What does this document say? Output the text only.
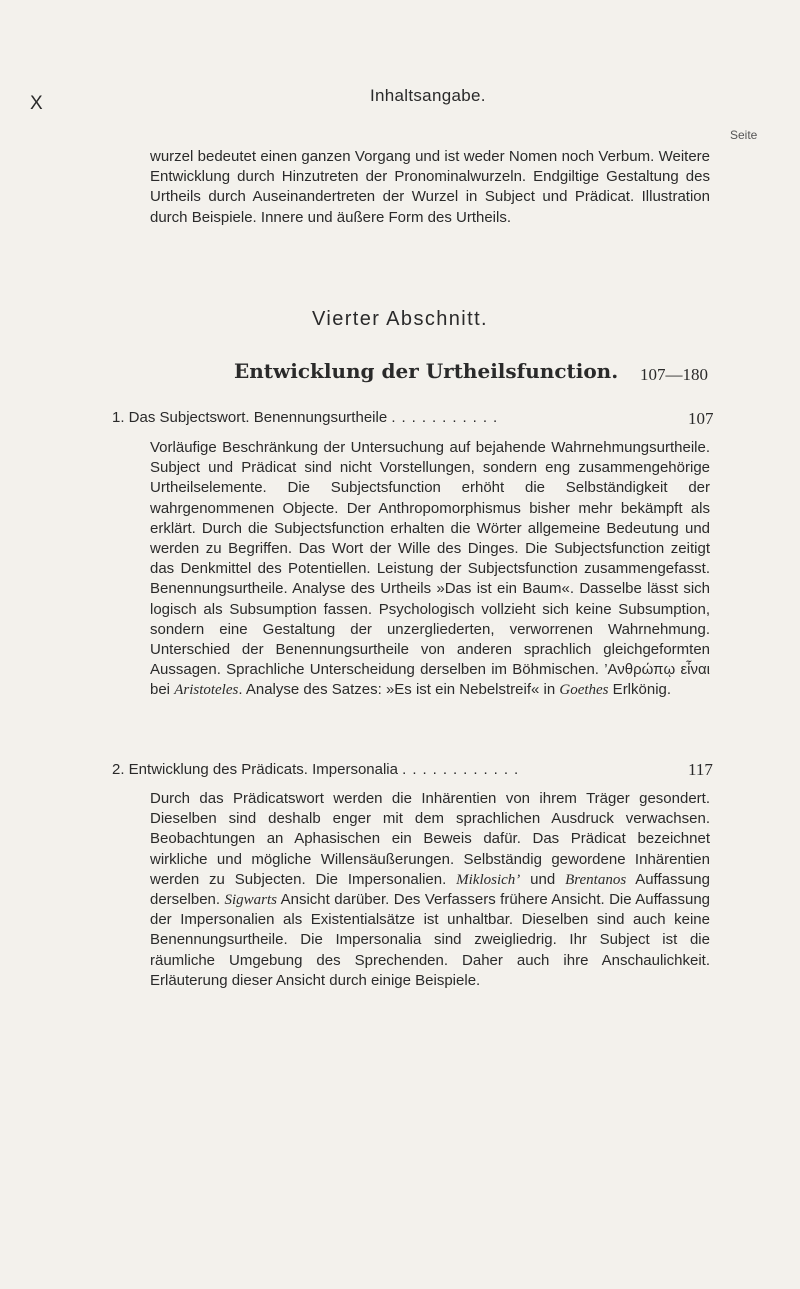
X	Inhaltsangabe.
Seite
wurzel bedeutet einen ganzen Vorgang und ist weder Nomen noch Verbum. Weitere Entwicklung durch Hinzutreten der Pronominalwurzeln. Endgiltige Gestaltung des Urtheils durch Auseinandertreten der Wurzel in Subject und Prädicat. Illustration durch Beispiele. Innere und äußere Form des Urtheils.
Vierter Abschnitt.
Entwicklung der Urtheilsfunction. 107—180
1. Das Subjectswort. Benennungsurtheile ...........	107
Vorläufige Beschränkung der Untersuchung auf bejahende Wahrnehmungsurtheile. Subject und Prädicat sind nicht Vorstellungen, sondern eng zusammengehörige Urtheilselemente. Die Subjectsfunction erhöht die Selbständigkeit der wahrgenommenen Objecte. Der Anthropomorphismus bisher mehr bekämpft als erklärt. Durch die Subjectsfunction erhalten die Wörter allgemeine Bedeutung und werden zu Begriffen. Das Wort der Wille des Dinges. Die Subjectsfunction zeitigt das Denkmittel des Potentiellen. Leistung der Subjectsfunction zusammengefasst. Benennungsurtheile. Analyse des Urtheils »Das ist ein Baum«. Dasselbe lässt sich logisch als Subsumption fassen. Psychologisch vollzieht sich keine Subsumption, sondern eine Gestaltung der unzergliederten, verworrenen Wahrnehmung. Unterschied der Benennungsurtheile von anderen sprachlich gleichgeformten Aussagen. Sprachliche Unterscheidung derselben im Böhmischen. ’Ανθρώπῳ εἶναι bei Aristoteles. Analyse des Satzes: »Es ist ein Nebelstreif« in Goethes Erlkönig.
2. Entwicklung des Prädicats. Impersonalia ............	117
Durch das Prädicatswort werden die Inhärentien von ihrem Träger gesondert. Dieselben sind deshalb enger mit dem sprachlichen Ausdruck verwachsen. Beobachtungen an Aphasischen ein Beweis dafür. Das Prädicat bezeichnet wirkliche und mögliche Willensäußerungen. Selbständig gewordene Inhärentien werden zu Subjecten. Die Impersonalien. Miklosich’ und Brentanos Auffassung derselben. Sigwarts Ansicht darüber. Des Verfassers frühere Ansicht. Die Auffassung der Impersonalien als Existentialsätze ist unhaltbar. Dieselben sind auch keine Benennungsurtheile. Die Impersonalia sind zweigliedrig. Ihr Subject ist die räumliche Umgebung des Sprechenden. Daher auch ihre Anschaulichkeit. Erläuterung dieser Ansicht durch einige Beispiele.
